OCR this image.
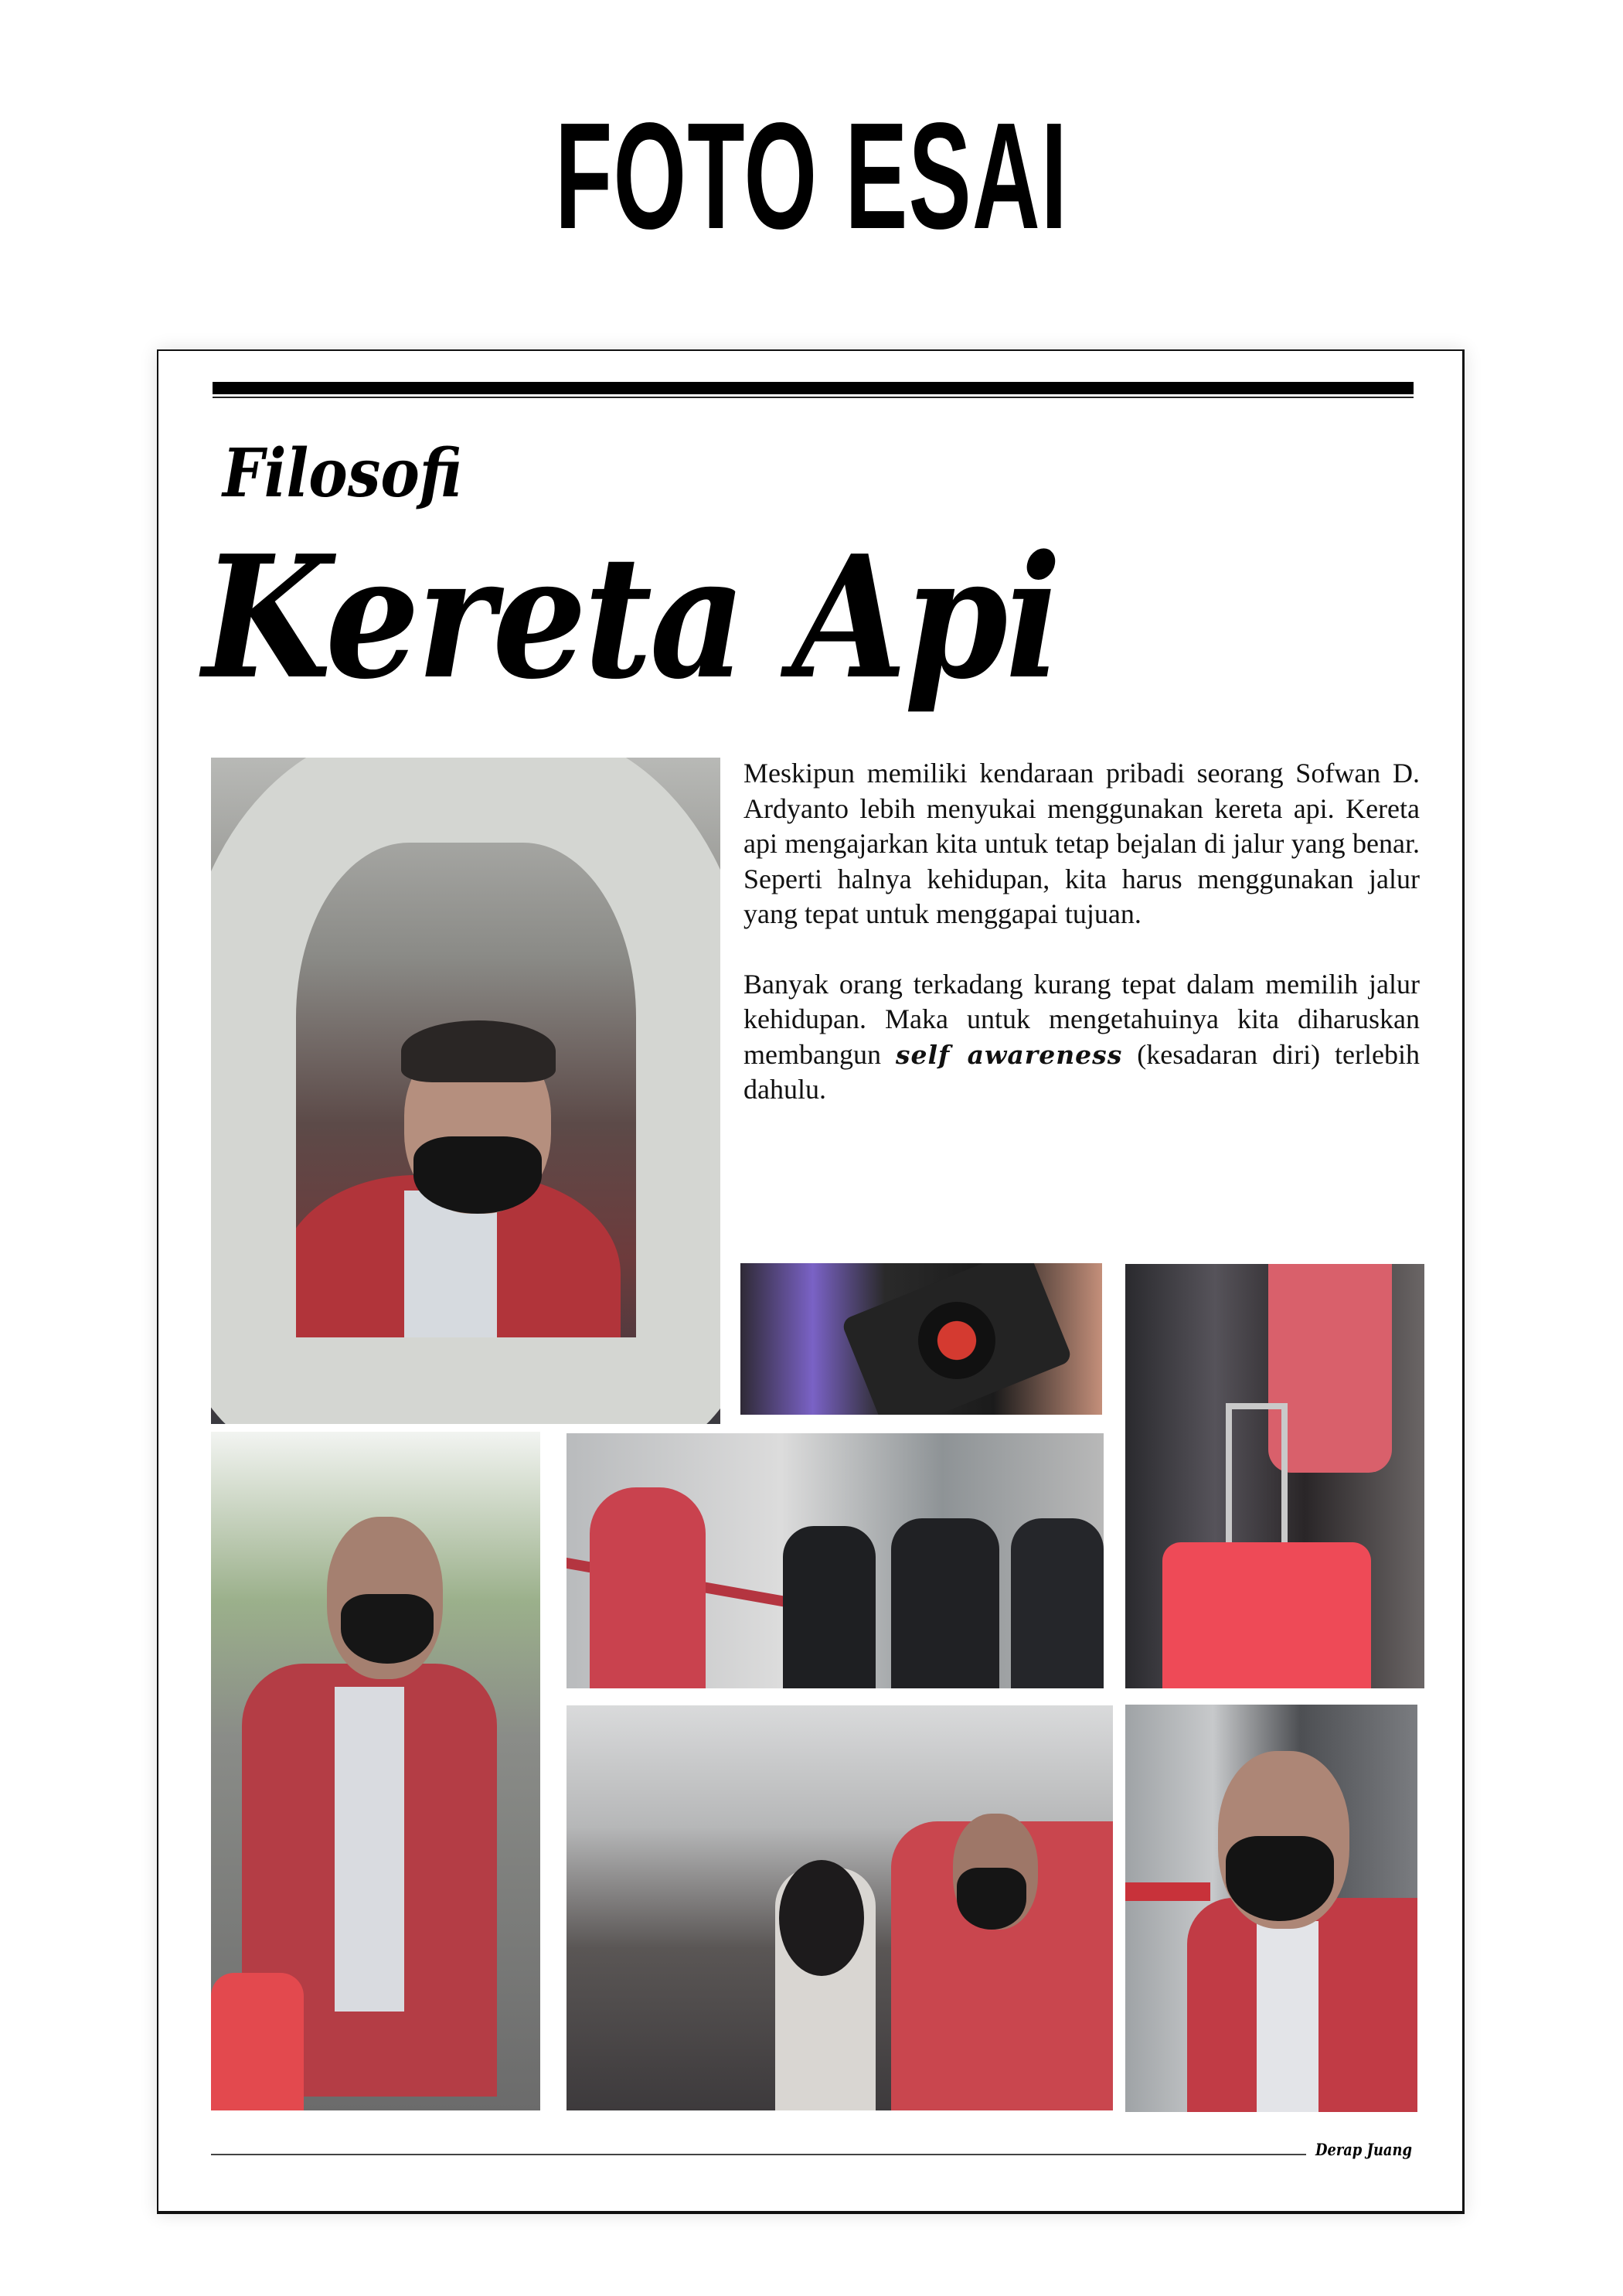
FOTO ESAI
Filosofi
Kereta Api

Meskipun memiliki kendaraan pribadi seorang Sofwan D. Ardyanto lebih menyukai menggunakan kereta api. Kereta api mengajarkan kita untuk tetap bejalan di jalur yang benar. Seperti halnya kehidupan, kita harus menggunakan jalur yang tepat untuk menggapai tujuan.

Banyak orang terkadang kurang tepat dalam memilih jalur kehidupan. Maka untuk mengetahuinya kita diharuskan membangun self awareness (kesadaran diri) terlebih dahulu.

Derap Juang
